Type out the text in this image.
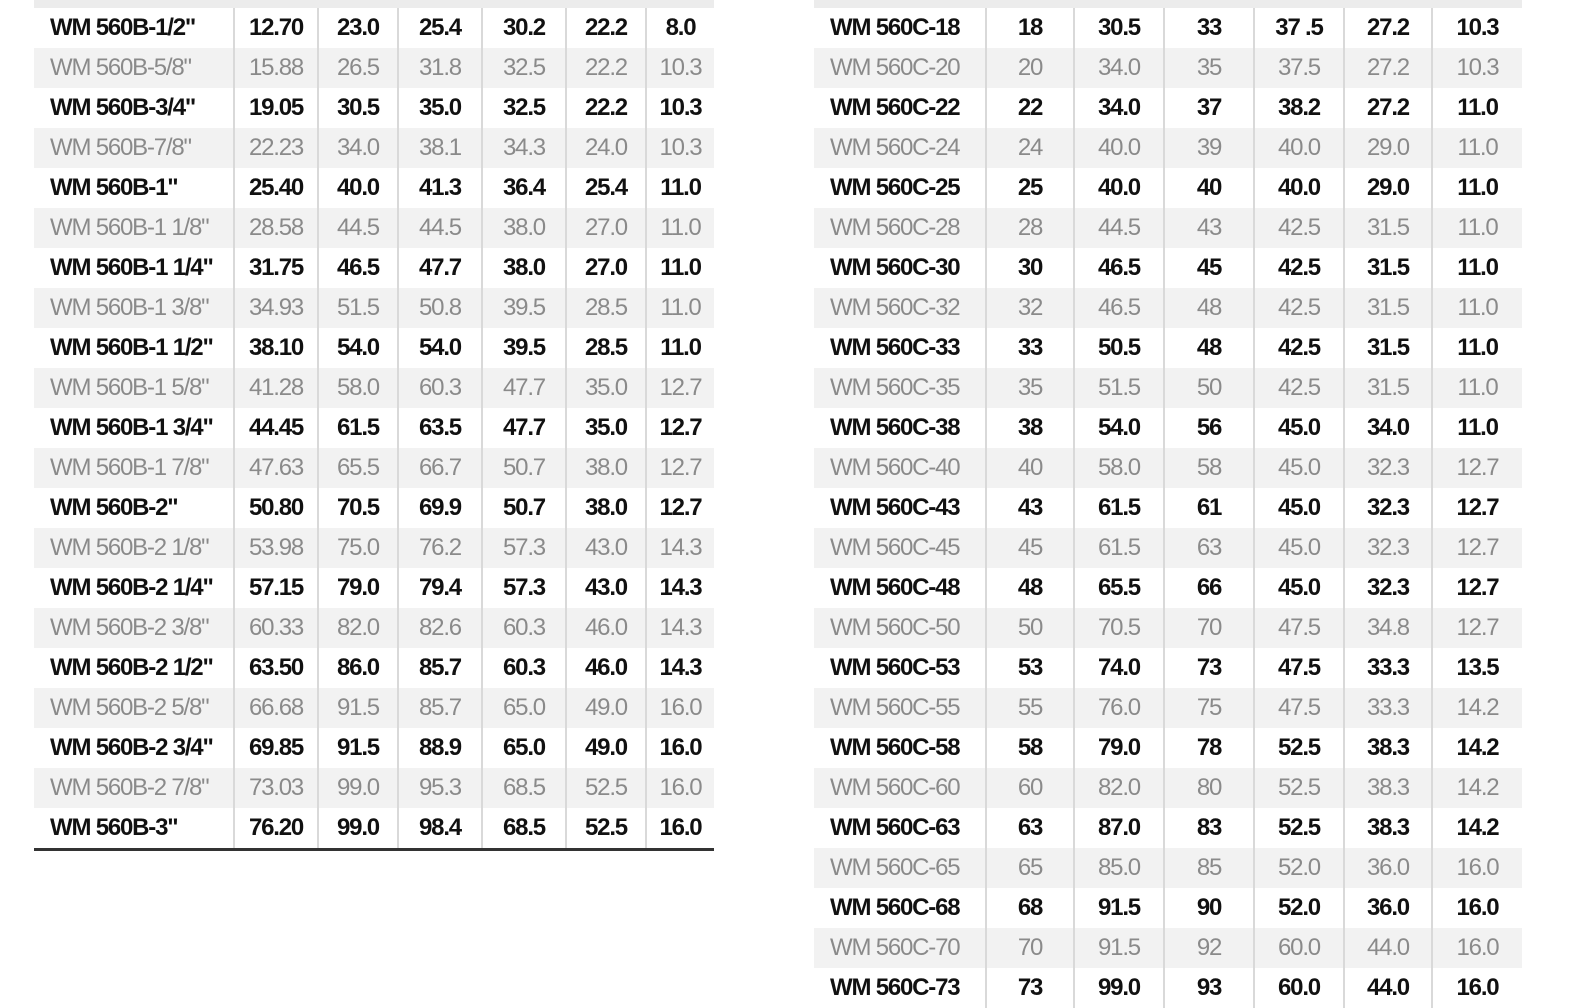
WM 560B-1/2"	12.70	23.0	25.4	30.2	22.2	8.0
WM 560B-5/8"	15.88	26.5	31.8	32.5	22.2	10.3
WM 560B-3/4"	19.05	30.5	35.0	32.5	22.2	10.3
WM 560B-7/8"	22.23	34.0	38.1	34.3	24.0	10.3
WM 560B-1"	25.40	40.0	41.3	36.4	25.4	11.0
WM 560B-1 1/8"	28.58	44.5	44.5	38.0	27.0	11.0
WM 560B-1 1/4"	31.75	46.5	47.7	38.0	27.0	11.0
WM 560B-1 3/8"	34.93	51.5	50.8	39.5	28.5	11.0
WM 560B-1 1/2"	38.10	54.0	54.0	39.5	28.5	11.0
WM 560B-1 5/8"	41.28	58.0	60.3	47.7	35.0	12.7
WM 560B-1 3/4"	44.45	61.5	63.5	47.7	35.0	12.7
WM 560B-1 7/8"	47.63	65.5	66.7	50.7	38.0	12.7
WM 560B-2"	50.80	70.5	69.9	50.7	38.0	12.7
WM 560B-2 1/8"	53.98	75.0	76.2	57.3	43.0	14.3
WM 560B-2 1/4"	57.15	79.0	79.4	57.3	43.0	14.3
WM 560B-2 3/8"	60.33	82.0	82.6	60.3	46.0	14.3
WM 560B-2 1/2"	63.50	86.0	85.7	60.3	46.0	14.3
WM 560B-2 5/8"	66.68	91.5	85.7	65.0	49.0	16.0
WM 560B-2 3/4"	69.85	91.5	88.9	65.0	49.0	16.0
WM 560B-2 7/8"	73.03	99.0	95.3	68.5	52.5	16.0
WM 560B-3"	76.20	99.0	98.4	68.5	52.5	16.0
WM 560C-18	18	30.5	33	37 .5	27.2	10.3
WM 560C-20	20	34.0	35	37.5	27.2	10.3
WM 560C-22	22	34.0	37	38.2	27.2	11.0
WM 560C-24	24	40.0	39	40.0	29.0	11.0
WM 560C-25	25	40.0	40	40.0	29.0	11.0
WM 560C-28	28	44.5	43	42.5	31.5	11.0
WM 560C-30	30	46.5	45	42.5	31.5	11.0
WM 560C-32	32	46.5	48	42.5	31.5	11.0
WM 560C-33	33	50.5	48	42.5	31.5	11.0
WM 560C-35	35	51.5	50	42.5	31.5	11.0
WM 560C-38	38	54.0	56	45.0	34.0	11.0
WM 560C-40	40	58.0	58	45.0	32.3	12.7
WM 560C-43	43	61.5	61	45.0	32.3	12.7
WM 560C-45	45	61.5	63	45.0	32.3	12.7
WM 560C-48	48	65.5	66	45.0	32.3	12.7
WM 560C-50	50	70.5	70	47.5	34.8	12.7
WM 560C-53	53	74.0	73	47.5	33.3	13.5
WM 560C-55	55	76.0	75	47.5	33.3	14.2
WM 560C-58	58	79.0	78	52.5	38.3	14.2
WM 560C-60	60	82.0	80	52.5	38.3	14.2
WM 560C-63	63	87.0	83	52.5	38.3	14.2
WM 560C-65	65	85.0	85	52.0	36.0	16.0
WM 560C-68	68	91.5	90	52.0	36.0	16.0
WM 560C-70	70	91.5	92	60.0	44.0	16.0
WM 560C-73	73	99.0	93	60.0	44.0	16.0
